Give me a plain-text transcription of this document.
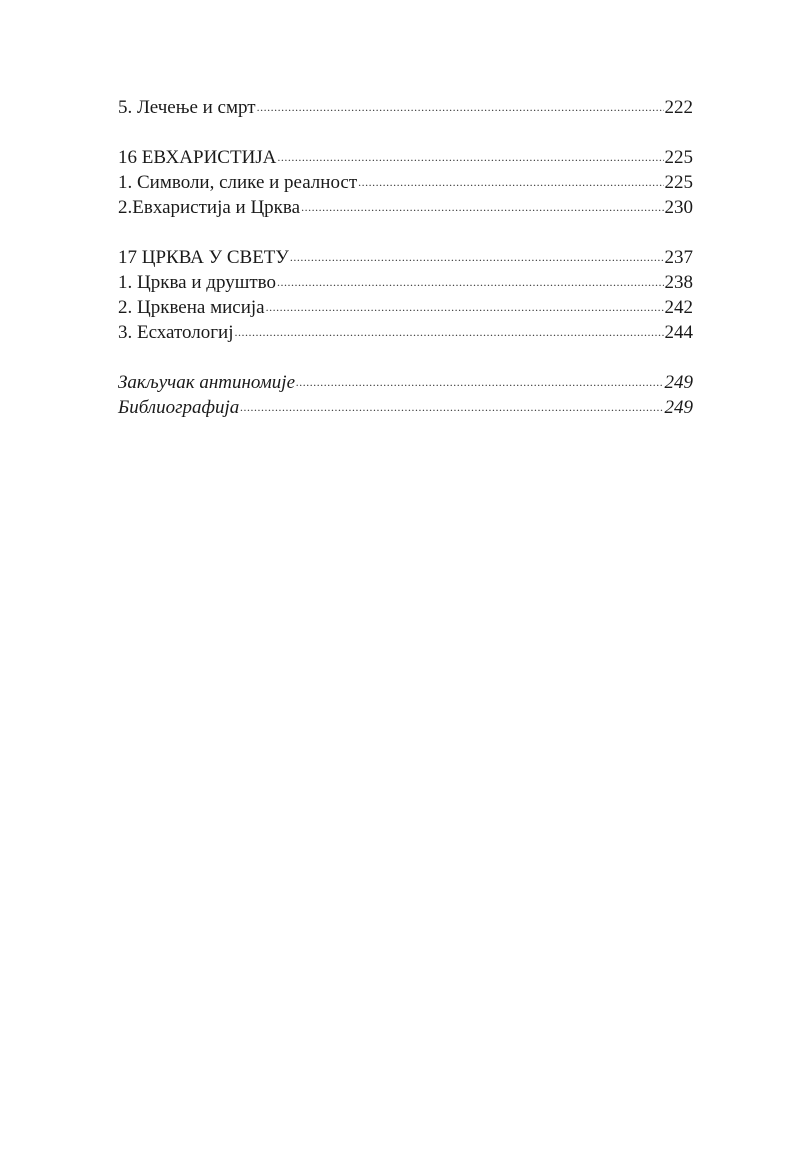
5. Лечење и смрт .....	222
16 ЕВХАРИСТИЈА .....	225
1. Символи, слике и реалност .....	225
2.Евхаристија и Црква .....	230
17 ЦРКВА У СВЕТУ .....	237
1. Црква и друштво .....	238
2. Црквена мисија .....	242
3. Есхатологиј .....	244
Закључак антиномије .....	249
Библиографија .....	249
